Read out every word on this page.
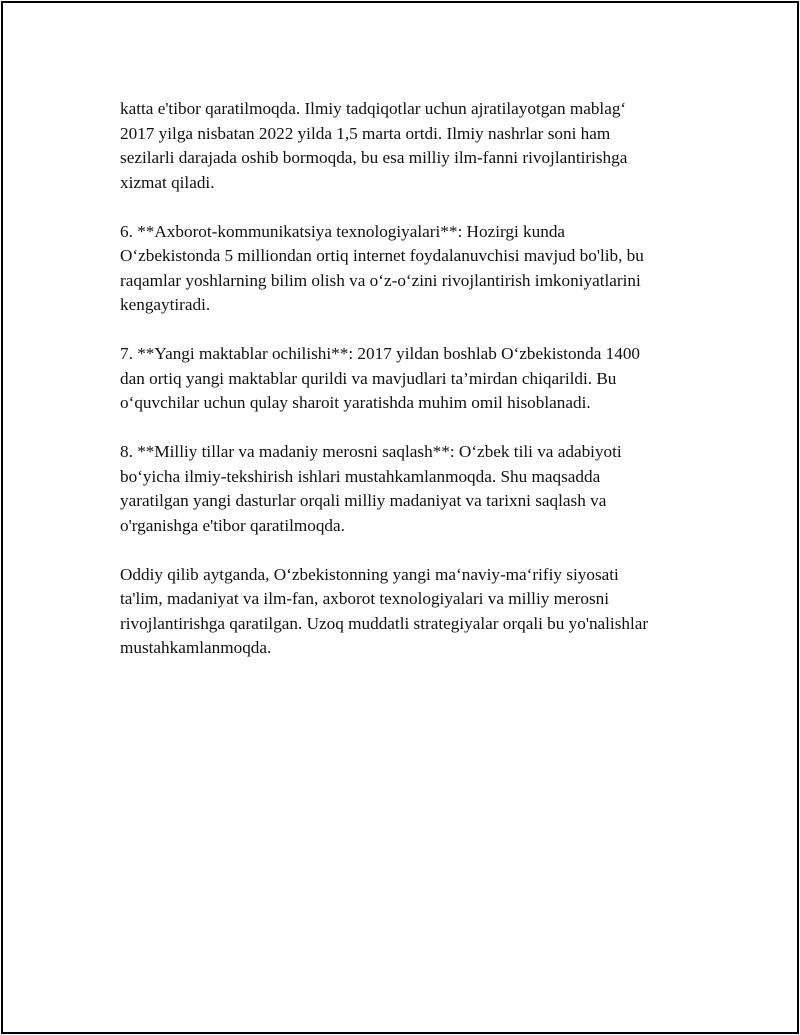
katta e'tibor qaratilmoqda. Ilmiy tadqiqotlar uchun ajratilayotgan mablag‘
2017 yilga nisbatan 2022 yilda 1,5 marta ortdi. Ilmiy nashrlar soni ham
sezilarli darajada oshib bormoqda, bu esa milliy ilm-fanni rivojlantirishga
xizmat qiladi.

6. **Axborot-kommunikatsiya texnologiyalari**: Hozirgi kunda
O‘zbekistonda 5 milliondan ortiq internet foydalanuvchisi mavjud bo'lib, bu
raqamlar yoshlarning bilim olish va o‘z-o‘zini rivojlantirish imkoniyatlarini
kengaytiradi.

7. **Yangi maktablar ochilishi**: 2017 yildan boshlab O‘zbekistonda 1400
dan ortiq yangi maktablar qurildi va mavjudlari ta’mirdan chiqarildi. Bu
o‘quvchilar uchun qulay sharoit yaratishda muhim omil hisoblanadi.

8. **Milliy tillar va madaniy merosni saqlash**: O‘zbek tili va adabiyoti
bo‘yicha ilmiy-tekshirish ishlari mustahkamlanmoqda. Shu maqsadda
yaratilgan yangi dasturlar orqali milliy madaniyat va tarixni saqlash va
o'rganishga e'tibor qaratilmoqda.

Oddiy qilib aytganda, O‘zbekistonning yangi ma‘naviy-ma‘rifiy siyosati
ta'lim, madaniyat va ilm-fan, axborot texnologiyalari va milliy merosni
rivojlantirishga qaratilgan. Uzoq muddatli strategiyalar orqali bu yo'nalishlar
mustahkamlanmoqda.
